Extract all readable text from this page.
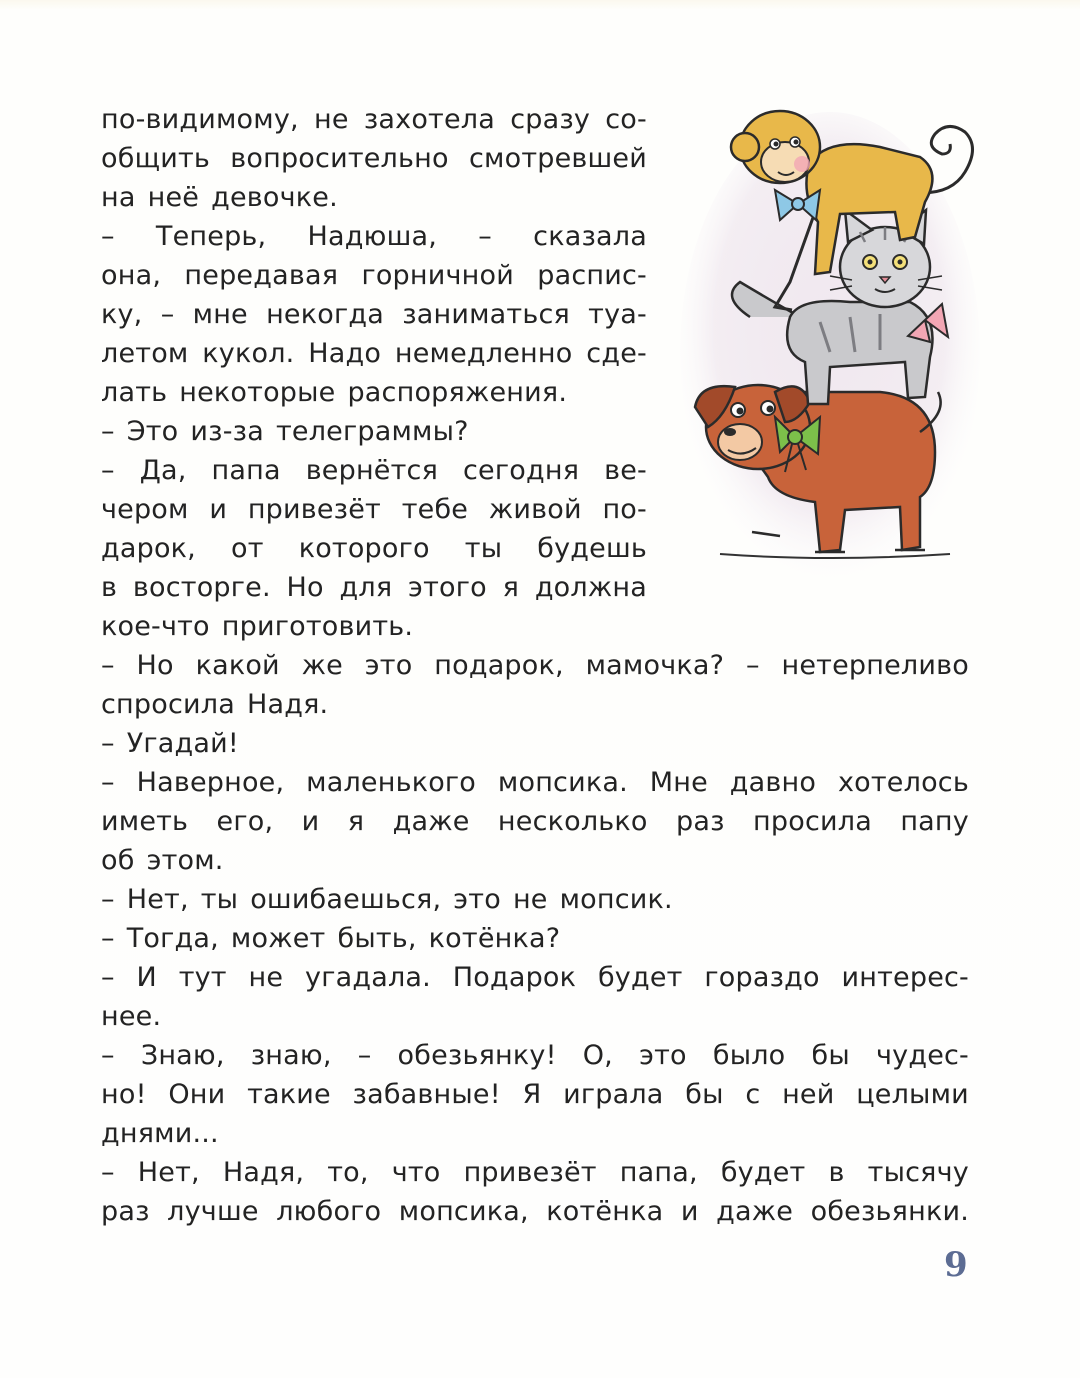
по-видимому, не захотела сразу со-
общить вопросительно смотревшей
на неё девочке.
– Теперь, Надюша, – сказала
она, передавая горничной распис-
ку, – мне некогда заниматься туа-
летом кукол. Надо немедленно сде-
лать некоторые распоряжения.
– Это из-за телеграммы?
– Да, папа вернётся сегодня ве-
чером и привезёт тебе живой по-
дарок, от которого ты будешь
в восторге. Но для этого я должна
кое-что приготовить.
– Но какой же это подарок, мамочка? – нетерпеливо
спросила Надя.
– Угадай!
– Наверное, маленького мопсика. Мне давно хотелось
иметь его, и я даже несколько раз просила папу
об этом.
– Нет, ты ошибаешься, это не мопсик.
– Тогда, может быть, котёнка?
– И тут не угадала. Подарок будет гораздо интерес-
нее.
– Знаю, знаю, – обезьянку! О, это было бы чудес-
но! Они такие забавные! Я играла бы с ней целыми
днями...
– Нет, Надя, то, что привезёт папа, будет в тысячу
раз лучше любого мопсика, котёнка и даже обезьянки.
9
